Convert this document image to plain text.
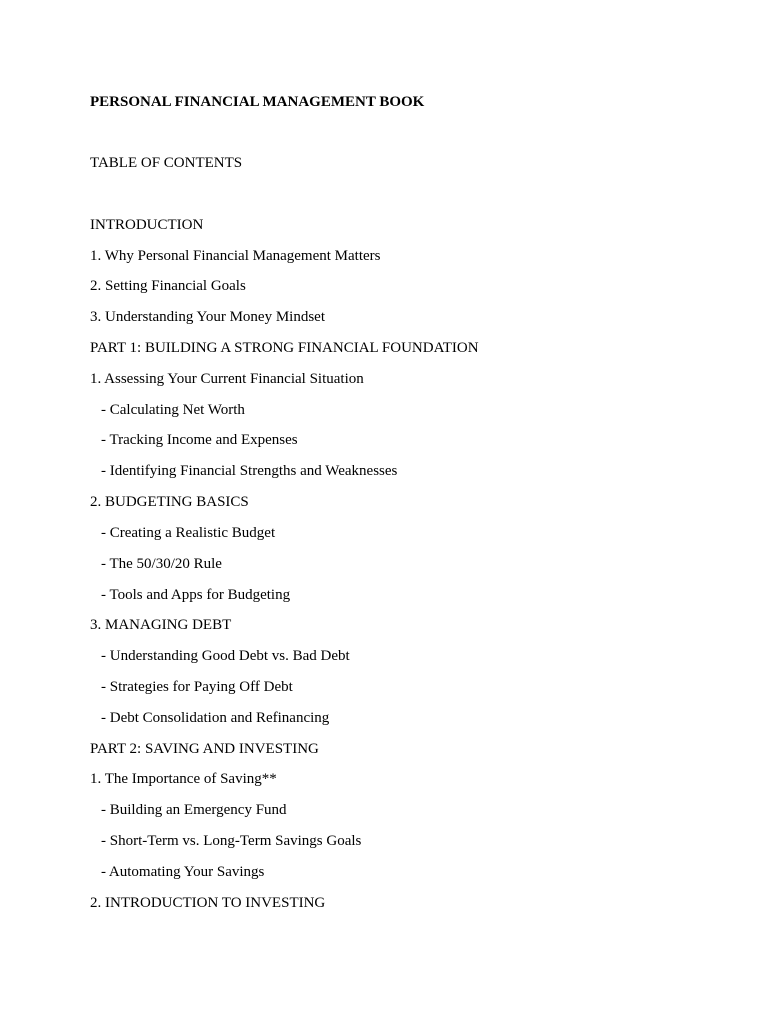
PERSONAL FINANCIAL MANAGEMENT BOOK
TABLE OF CONTENTS
INTRODUCTION
1. Why Personal Financial Management Matters
2. Setting Financial Goals
3. Understanding Your Money Mindset
PART 1: BUILDING A STRONG FINANCIAL FOUNDATION
1. Assessing Your Current Financial Situation
- Calculating Net Worth
- Tracking Income and Expenses
- Identifying Financial Strengths and Weaknesses
2. BUDGETING BASICS
- Creating a Realistic Budget
- The 50/30/20 Rule
- Tools and Apps for Budgeting
3. MANAGING DEBT
- Understanding Good Debt vs. Bad Debt
- Strategies for Paying Off Debt
- Debt Consolidation and Refinancing
PART 2: SAVING AND INVESTING
1. The Importance of Saving**
- Building an Emergency Fund
- Short-Term vs. Long-Term Savings Goals
- Automating Your Savings
2. INTRODUCTION TO INVESTING
